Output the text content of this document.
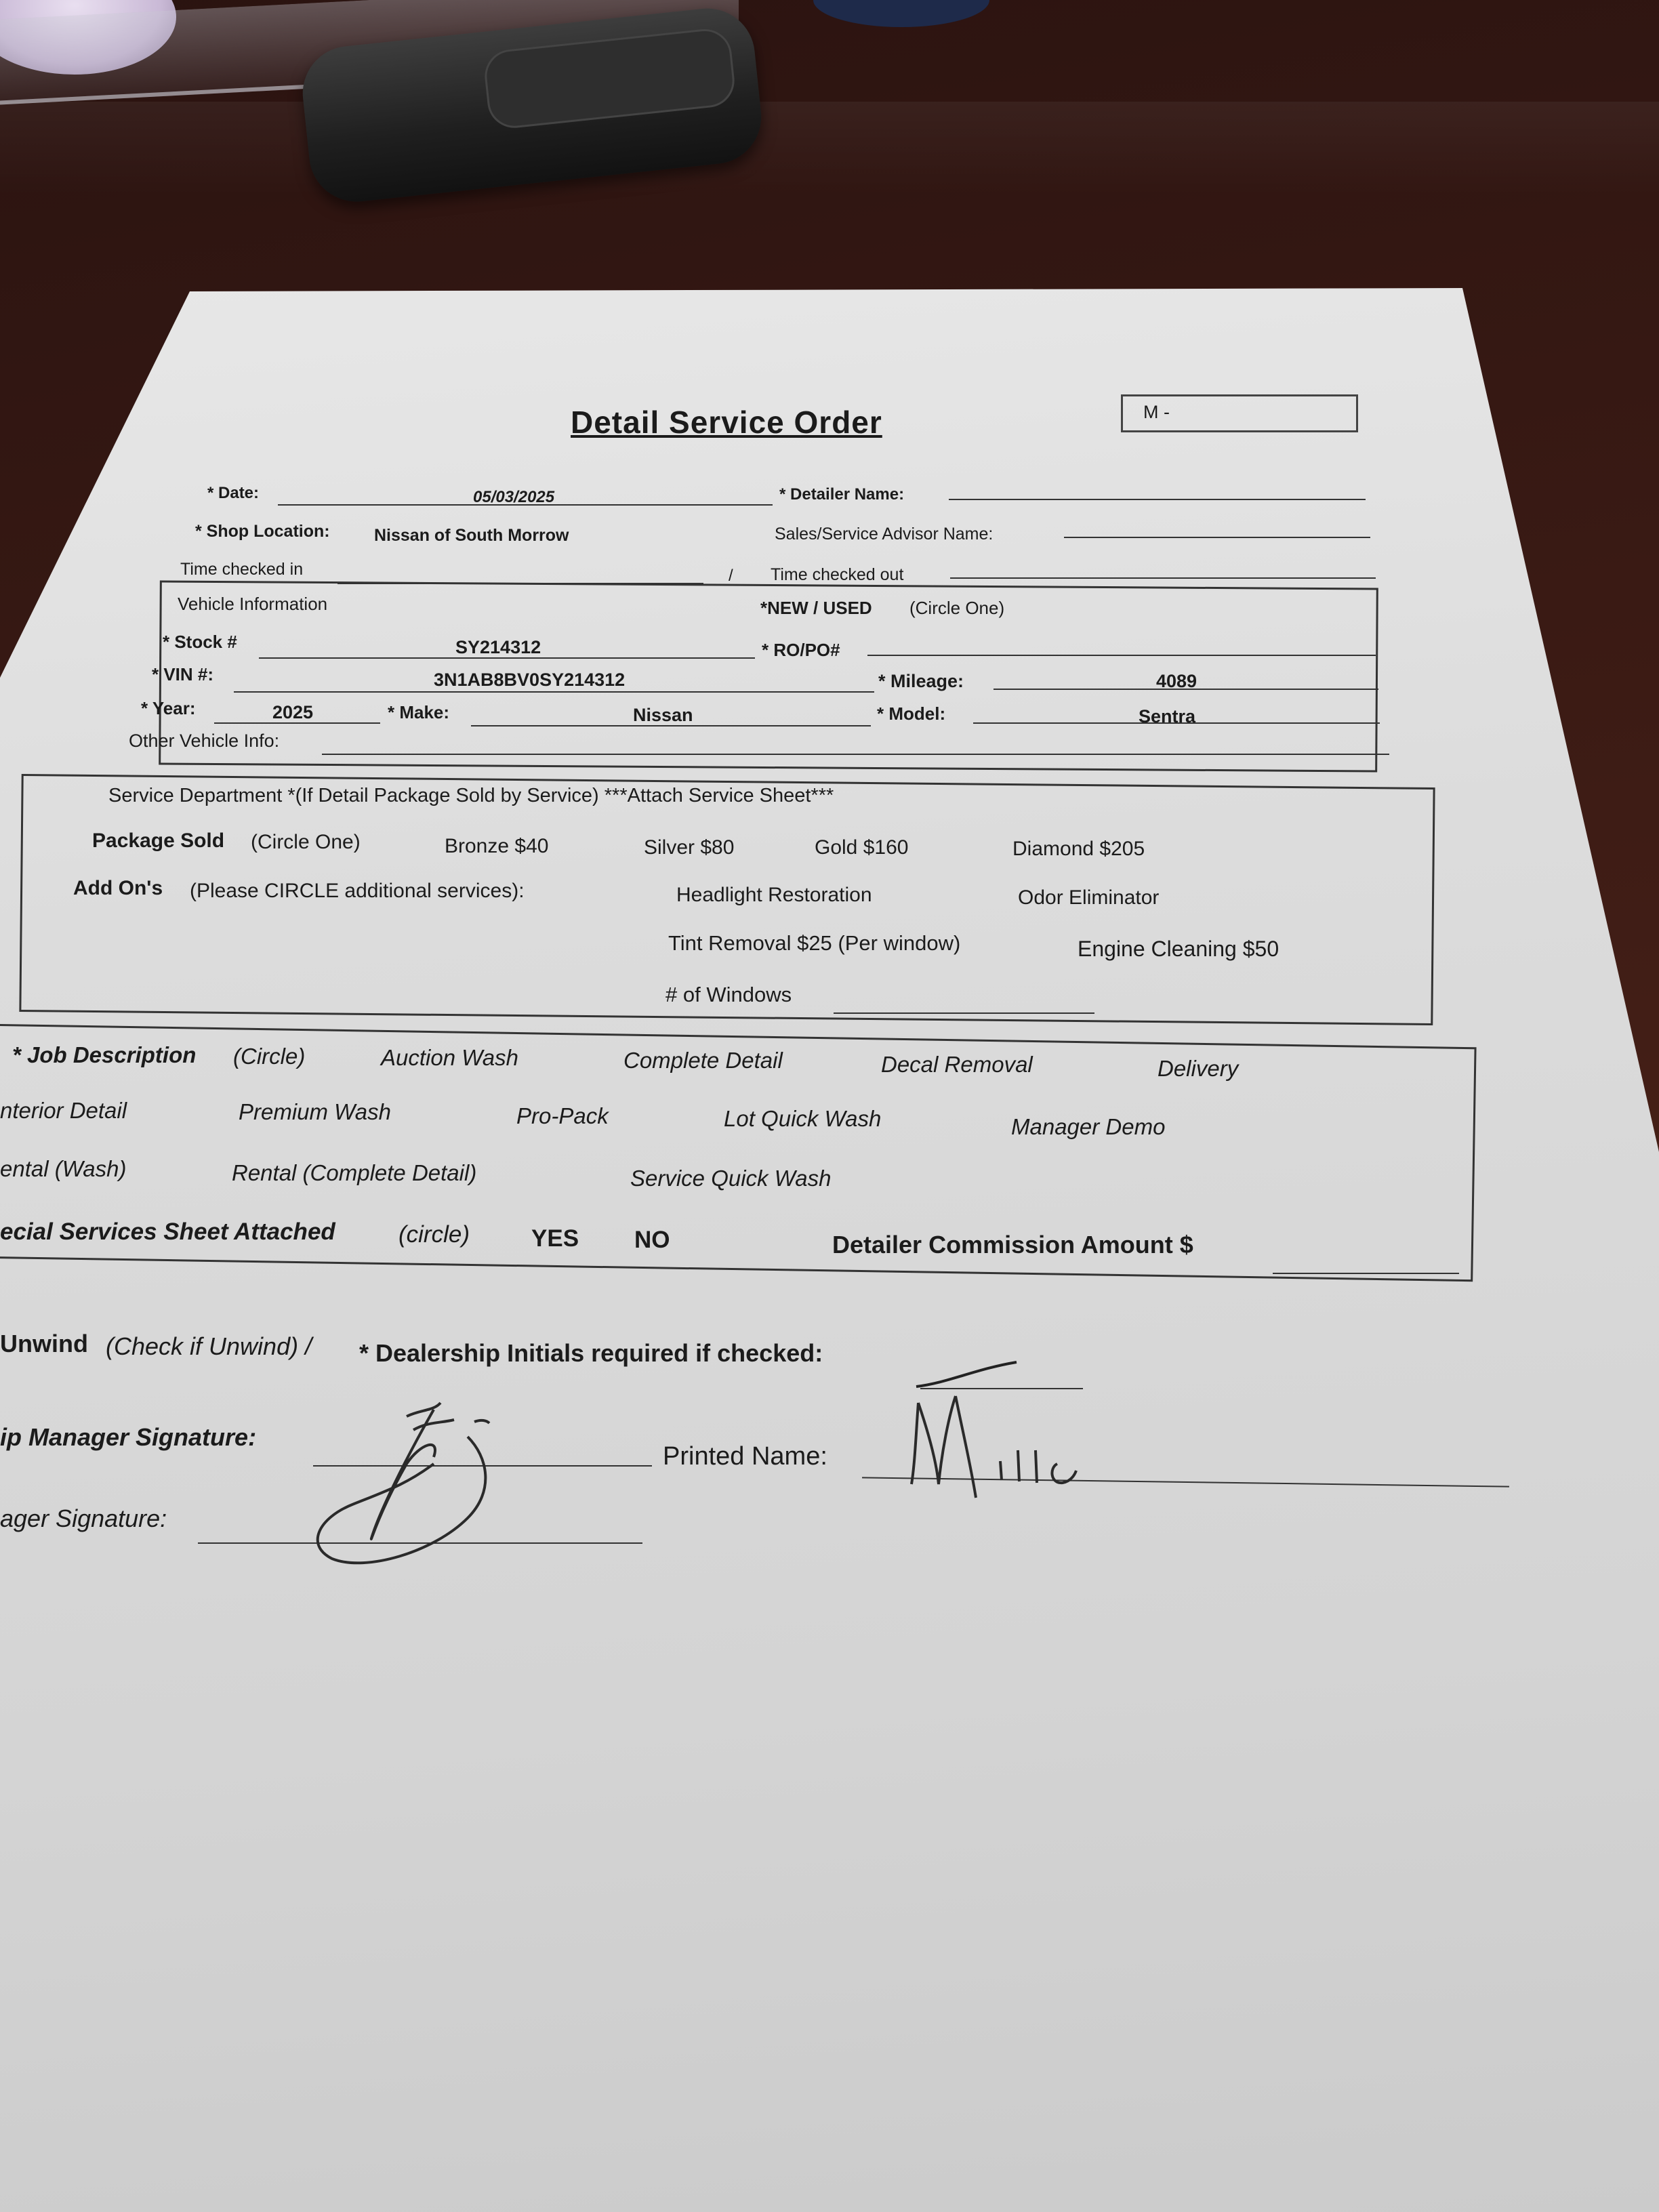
Detail Service Order	M -
* Date:	05/03/2025	* Detailer Name:
* Shop Location:	Nissan of South Morrow	Sales/Service Advisor Name:
Time checked in	/ Time checked out
Vehicle Information	*NEW / USED (Circle One)
* Stock #	SY214312	* RO/PO#
* VIN #:	3N1AB8BV0SY214312	* Mileage:	4089
* Year:	2025	* Make:	Nissan	* Model:	Sentra
Other Vehicle Info:
Service Department *(If Detail Package Sold by Service) ***Attach Service Sheet***
Package Sold (Circle One)	Bronze $40	Silver $80	Gold $160	Diamond $205
Add On's (Please CIRCLE additional services):	Headlight Restoration	Odor Eliminator
Tint Removal $25 (Per window)	Engine Cleaning $50
# of Windows
* Job Description (Circle)	Auction Wash	Complete Detail	Decal Removal	Delivery
nterior Detail	Premium Wash	Pro-Pack	Lot Quick Wash	Manager Demo
ental (Wash)	Rental (Complete Detail)	Service Quick Wash
ecial Services Sheet Attached	(circle)	YES NO	Detailer Commission Amount $
Unwind (Check if Unwind) / * Dealership Initials required if checked:
ip Manager Signature:
Printed Name:
ager Signature:
